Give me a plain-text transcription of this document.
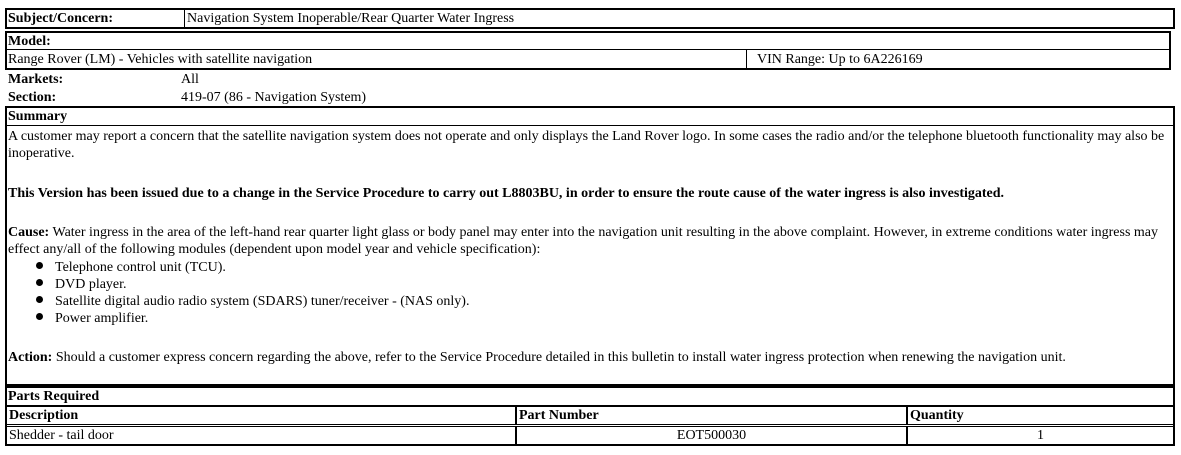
Subject/Concern:	Navigation System Inoperable/Rear Quarter Water Ingress
Model:
Range Rover (LM) - Vehicles with satellite navigation	VIN Range: Up to 6A226169
Markets:	All
Section:	419-07 (86 - Navigation System)
Summary
A customer may report a concern that the satellite navigation system does not operate and only displays the Land Rover logo. In some cases the radio and/or the telephone bluetooth functionality may also be inoperative.
This Version has been issued due to a change in the Service Procedure to carry out L8803BU, in order to ensure the route cause of the water ingress is also investigated.
Cause: Water ingress in the area of the left-hand rear quarter light glass or body panel may enter into the navigation unit resulting in the above complaint. However, in extreme conditions water ingress may effect any/all of the following modules (dependent upon model year and vehicle specification):
Telephone control unit (TCU).
DVD player.
Satellite digital audio radio system (SDARS) tuner/receiver - (NAS only).
Power amplifier.
Action: Should a customer express concern regarding the above, refer to the Service Procedure detailed in this bulletin to install water ingress protection when renewing the navigation unit.
Parts Required
Description	Part Number	Quantity
Shedder - tail door	EOT500030	1
